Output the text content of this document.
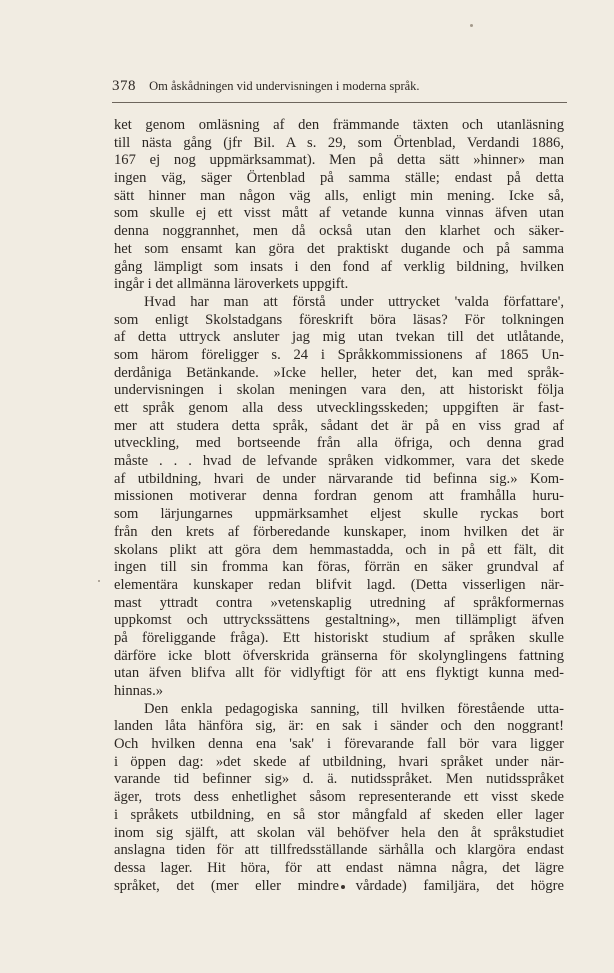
378 Om åskådningen vid undervisningen i moderna språk.
ket genom omläsning af den främmande täxten och utanläsning
till nästa gång (jfr Bil. A s. 29, som Örtenblad, Verdandi 1886,
167 ej nog uppmärksammat). Men på detta sätt »hinner» man
ingen väg, säger Örtenblad på samma ställe; endast på detta
sätt hinner man någon väg alls, enligt min mening. Icke så,
som skulle ej ett visst mått af vetande kunna vinnas äfven utan
denna noggrannhet, men då också utan den klarhet och säker-
het som ensamt kan göra det praktiskt dugande och på samma
gång lämpligt som insats i den fond af verklig bildning, hvilken
ingår i det allmänna läroverkets uppgift.
Hvad har man att förstå under uttrycket 'valda författare',
som enligt Skolstadgans föreskrift böra läsas? För tolkningen
af detta uttryck ansluter jag mig utan tvekan till det utlåtande,
som härom föreligger s. 24 i Språkkommissionens af 1865 Un-
derdåniga Betänkande. »Icke heller, heter det, kan med språk-
undervisningen i skolan meningen vara den, att historiskt följa
ett språk genom alla dess utvecklingsskeden; uppgiften är fast-
mer att studera detta språk, sådant det är på en viss grad af
utveckling, med bortseende från alla öfriga, och denna grad
måste . . . hvad de lefvande språken vidkommer, vara det skede
af utbildning, hvari de under närvarande tid befinna sig.» Kom-
missionen motiverar denna fordran genom att framhålla huru-
som lärjungarnes uppmärksamhet eljest skulle ryckas bort
från den krets af förberedande kunskaper, inom hvilken det är
skolans plikt att göra dem hemmastadda, och in på ett fält, dit
ingen till sin fromma kan föras, förrän en säker grundval af
elementära kunskaper redan blifvit lagd. (Detta visserligen när-
mast yttradt contra »vetenskaplig utredning af språkformernas
uppkomst och uttryckssättens gestaltning», men tillämpligt äfven
på föreliggande fråga). Ett historiskt studium af språken skulle
därföre icke blott öfverskrida gränserna för skolynglingens fattning
utan äfven blifva allt för vidlyftigt för att ens flyktigt kunna med-
hinnas.»
Den enkla pedagogiska sanning, till hvilken förestående utta-
landen låta hänföra sig, är: en sak i sänder och den noggrant!
Och hvilken denna ena 'sak' i förevarande fall bör vara ligger
i öppen dag: »det skede af utbildning, hvari språket under när-
varande tid befinner sig» d. ä. nutidsspråket. Men nutidsspråket
äger, trots dess enhetlighet såsom representerande ett visst skede
i språkets utbildning, en så stor mångfald af skeden eller lager
inom sig själft, att skolan väl behöfver hela den åt språkstudiet
anslagna tiden för att tillfredsställande särhålla och klargöra endast
dessa lager. Hit höra, för att endast nämna några, det lägre
språket, det (mer eller mindre vårdade) familjära, det högre
